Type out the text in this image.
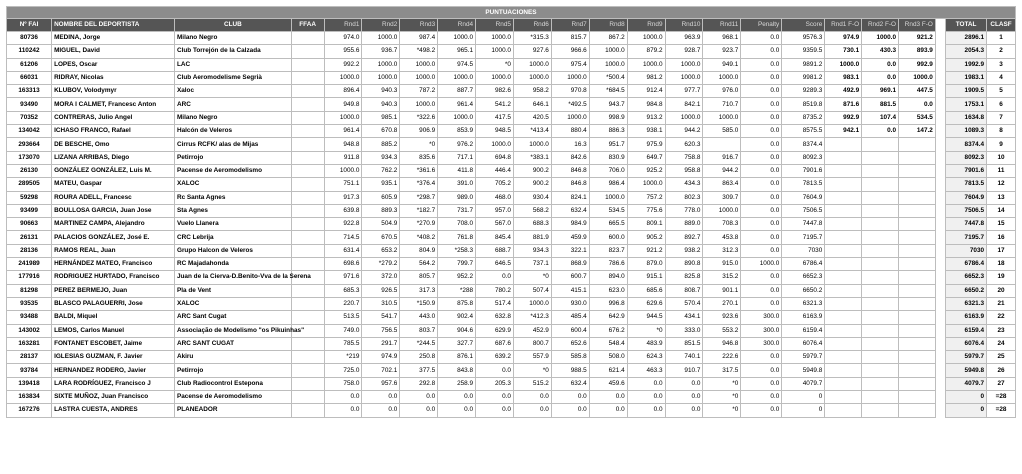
PUNTUACIONES																						
Nº FAI	NOMBRE DEL DEPORTISTA	CLUB	FFAA	Rnd1	Rnd2	Rnd3	Rnd4	Rnd5	Rnd6	Rnd7	Rnd8	Rnd9	Rnd10	Rnd11	Penalty	Score	Rnd1 F-O	Rnd2 F-O	Rnd3 F-O		TOTAL	CLASF
80736	MEDINA, Jorge	Milano Negro		974.0	1000.0	987.4	1000.0	1000.0	*315.3	815.7	867.2	1000.0	963.9	968.1	0.0	9576.3	974.9	1000.0	921.2		2896.1	1
110242	MIGUEL, David	Club Torrejón de la Calzada		955.6	936.7	*498.2	965.1	1000.0	927.6	966.6	1000.0	879.2	928.7	923.7	0.0	9359.5	730.1	430.3	893.9		2054.3	2
61206	LOPES, Oscar	LAC		992.2	1000.0	1000.0	974.5	*0	1000.0	975.4	1000.0	1000.0	1000.0	949.1	0.0	9891.2	1000.0	0.0	992.9		1992.9	3
66031	RIDRAY, Nicolas	Club Aeromodelisme Segrià		1000.0	1000.0	1000.0	1000.0	1000.0	1000.0	1000.0	*500.4	981.2	1000.0	1000.0	0.0	9981.2	983.1	0.0	1000.0		1983.1	4
163313	KLUBOV, Volodymyr	Xaloc		896.4	940.3	787.2	887.7	982.6	958.2	970.8	*684.5	912.4	977.7	976.0	0.0	9289.3	492.9	969.1	447.5		1909.5	5
93490	MORA I CALMET, Francesc Anton	ARC		949.8	940.3	1000.0	961.4	541.2	646.1	*492.5	943.7	984.8	842.1	710.7	0.0	8519.8	871.6	881.5	0.0		1753.1	6
70352	CONTRERAS, Julio Angel	Milano Negro		1000.0	985.1	*322.6	1000.0	417.5	420.5	1000.0	998.9	913.2	1000.0	1000.0	0.0	8735.2	992.9	107.4	534.5		1634.8	7
134042	ICHASO FRANCO, Rafael	Halcón de Veleros		961.4	670.8	906.9	853.9	948.5	*413.4	880.4	886.3	938.1	944.2	585.0	0.0	8575.5	942.1	0.0	147.2		1089.3	8
293664	DE BESCHE, Omo	Cirrus RCFK/ alas de Mijas		948.8	885.2	*0	976.2	1000.0	1000.0	16.3	951.7	975.9	620.3		0.0	8374.4					8374.4	9
173070	LIZANA ARRIBAS, Diego	Petirrojo		911.8	934.3	835.6	717.1	694.8	*383.1	842.6	830.9	649.7	758.8	916.7	0.0	8092.3					8092.3	10
26130	GONZÁLEZ GONZÁLEZ, Luis M.	Pacense de Aeromodelismo		1000.0	762.2	*361.6	411.8	446.4	900.2	846.8	706.0	925.2	958.8	944.2	0.0	7901.6					7901.6	11
289505	MATEU, Gaspar	XALOC		751.1	935.1	*376.4	391.0	705.2	900.2	846.8	986.4	1000.0	434.3	863.4	0.0	7813.5					7813.5	12
59298	ROURA ADELL, Francesc	Rc Santa Agnes		917.3	605.9	*298.7	989.0	468.0	930.4	824.1	1000.0	757.2	802.3	309.7	0.0	7604.9					7604.9	13
93499	BOULLOSA GARCIA, Juan Jose	Sta Agnes		639.8	889.3	*182.7	731.7	957.0	568.2	632.4	534.5	775.6	778.0	1000.0	0.0	7506.5					7506.5	14
90663	MARTINEZ CAMPA, Alejandro	Vuelo Llanera		922.8	504.9	*270.9	708.0	567.0	688.3	984.9	665.5	809.1	889.0	708.3	0.0	7447.8					7447.8	15
26131	PALACIOS GONZÁLEZ, José E.	CRC Lebrija		714.5	670.5	*408.2	761.8	845.4	881.9	459.9	600.0	905.2	892.7	453.8	0.0	7195.7					7195.7	16
28136	RAMOS REAL, Juan	Grupo Halcon de Veleros		631.4	653.2	804.9	*258.3	688.7	934.3	322.1	823.7	921.2	938.2	312.3	0.0	7030					7030	17
241989	HERNÁNDEZ MATEO, Francisco	RC Majadahonda		698.6	*279.2	564.2	799.7	646.5	737.1	868.9	786.6	879.0	890.8	915.0	1000.0	6786.4					6786.4	18
177916	RODRIGUEZ HURTADO, Francisco	Juan de la Cierva-D.Benito-Vva de la Serena		971.6	372.0	805.7	952.2	0.0	*0	600.7	894.0	915.1	825.8	315.2	0.0	6652.3					6652.3	19
81298	PEREZ BERMEJO, Juan	Pla de Vent		685.3	926.5	317.3	*288	780.2	507.4	415.1	623.0	685.6	808.7	901.1	0.0	6650.2					6650.2	20
93535	BLASCO PALAGUERRI, Jose	XALOC		220.7	310.5	*150.9	875.8	517.4	1000.0	930.0	996.8	629.6	570.4	270.1	0.0	6321.3					6321.3	21
93488	BALDI, Miquel	ARC Sant Cugat		513.5	541.7	443.0	902.4	632.8	*412.3	485.4	642.9	944.5	434.1	923.6	300.0	6163.9					6163.9	22
143002	LEMOS, Carlos Manuel	Associação de Modelismo "os Pikuinhas"		749.0	756.5	803.7	904.6	629.9	452.9	600.4	676.2	*0	333.0	553.2	300.0	6159.4					6159.4	23
163281	FONTANET ESCOBET, Jaime	ARC SANT CUGAT		785.5	291.7	*244.5	327.7	687.6	800.7	652.6	548.4	483.9	851.5	946.8	300.0	6076.4					6076.4	24
28137	IGLESIAS GUZMAN, F. Javier	Akiru		*219	974.9	250.8	876.1	639.2	557.9	585.8	508.0	624.3	740.1	222.6	0.0	5979.7					5979.7	25
93784	HERNANDEZ RODERO, Javier	Petirrojo		725.0	702.1	377.5	843.8	0.0	*0	988.5	621.4	463.3	910.7	317.5	0.0	5949.8					5949.8	26
139418	LARA RODRÍGUEZ, Francisco J	Club Radiocontrol Estepona		758.0	957.6	292.8	258.9	205.3	515.2	632.4	459.6	0.0	0.0	*0	0.0	4079.7					4079.7	27
163834	SIXTE MUÑOZ, Juan Francisco	Pacense de Aeromodelismo		0.0	0.0	0.0	0.0	0.0	0.0	0.0	0.0	0.0	0.0	*0	0.0	0					0	=28
167276	LASTRA CUESTA, ANDRES	PLANEADOR		0.0	0.0	0.0	0.0	0.0	0.0	0.0	0.0	0.0	0.0	*0	0.0	0					0	=28
